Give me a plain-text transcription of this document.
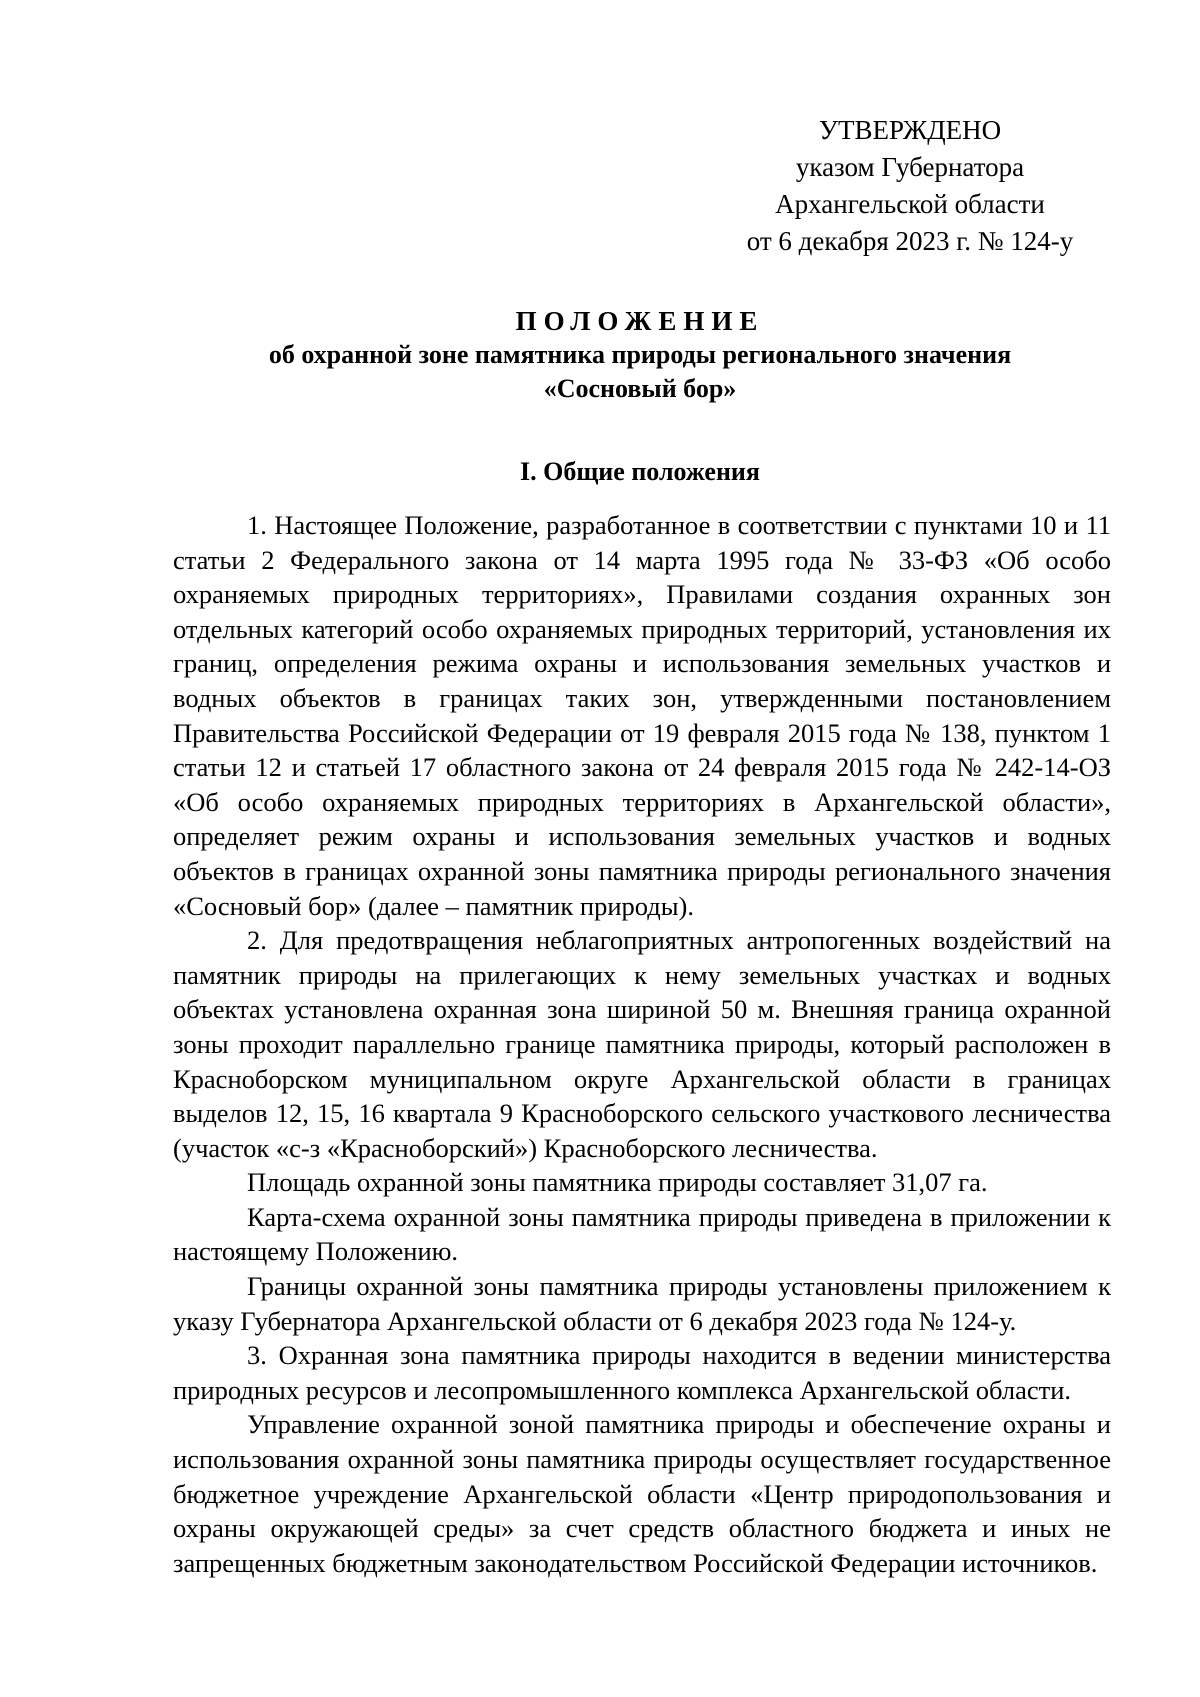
УТВЕРЖДЕНО
указом Губернатора
Архангельской области
от 6 декабря 2023 г. № 124-у
ПОЛОЖЕНИЕ
об охранной зоне памятника природы регионального значения
«Сосновый бор»
I. Общие положения

1. Настоящее Положение, разработанное в соответствии с пунктами 10 и 11 статьи 2 Федерального закона от 14 марта 1995 года № 33-ФЗ «Об особо охраняемых природных территориях», Правилами создания охранных зон отдельных категорий особо охраняемых природных территорий, установления их границ, определения режима охраны и использования земельных участков и водных объектов в границах таких зон, утвержденными постановлением Правительства Российской Федерации от 19 февраля 2015 года № 138, пунктом 1 статьи 12 и статьей 17 областного закона от 24 февраля 2015 года № 242-14-ОЗ «Об особо охраняемых природных территориях в Архангельской области», определяет режим охраны и использования земельных участков и водных объектов в границах охранной зоны памятника природы регионального значения «Сосновый бор» (далее – памятник природы).

2. Для предотвращения неблагоприятных антропогенных воздействий на памятник природы на прилегающих к нему земельных участках и водных объектах установлена охранная зона шириной 50 м. Внешняя граница охранной зоны проходит параллельно границе памятника природы, который расположен в Красноборском муниципальном округе Архангельской области в границах выделов 12, 15, 16 квартала 9 Красноборского сельского участкового лесничества (участок «с-з «Красноборский») Красноборского лесничества.

Площадь охранной зоны памятника природы составляет 31,07 га.

Карта-схема охранной зоны памятника природы приведена в приложении к настоящему Положению.

Границы охранной зоны памятника природы установлены приложением к указу Губернатора Архангельской области от 6 декабря 2023 года № 124-у.

3. Охранная зона памятника природы находится в ведении министерства природных ресурсов и лесопромышленного комплекса Архангельской области.

Управление охранной зоной памятника природы и обеспечение охраны и использования охранной зоны памятника природы осуществляет государственное бюджетное учреждение Архангельской области «Центр природопользования и охраны окружающей среды» за счет средств областного бюджета и иных не запрещенных бюджетным законодательством Российской Федерации источников.
